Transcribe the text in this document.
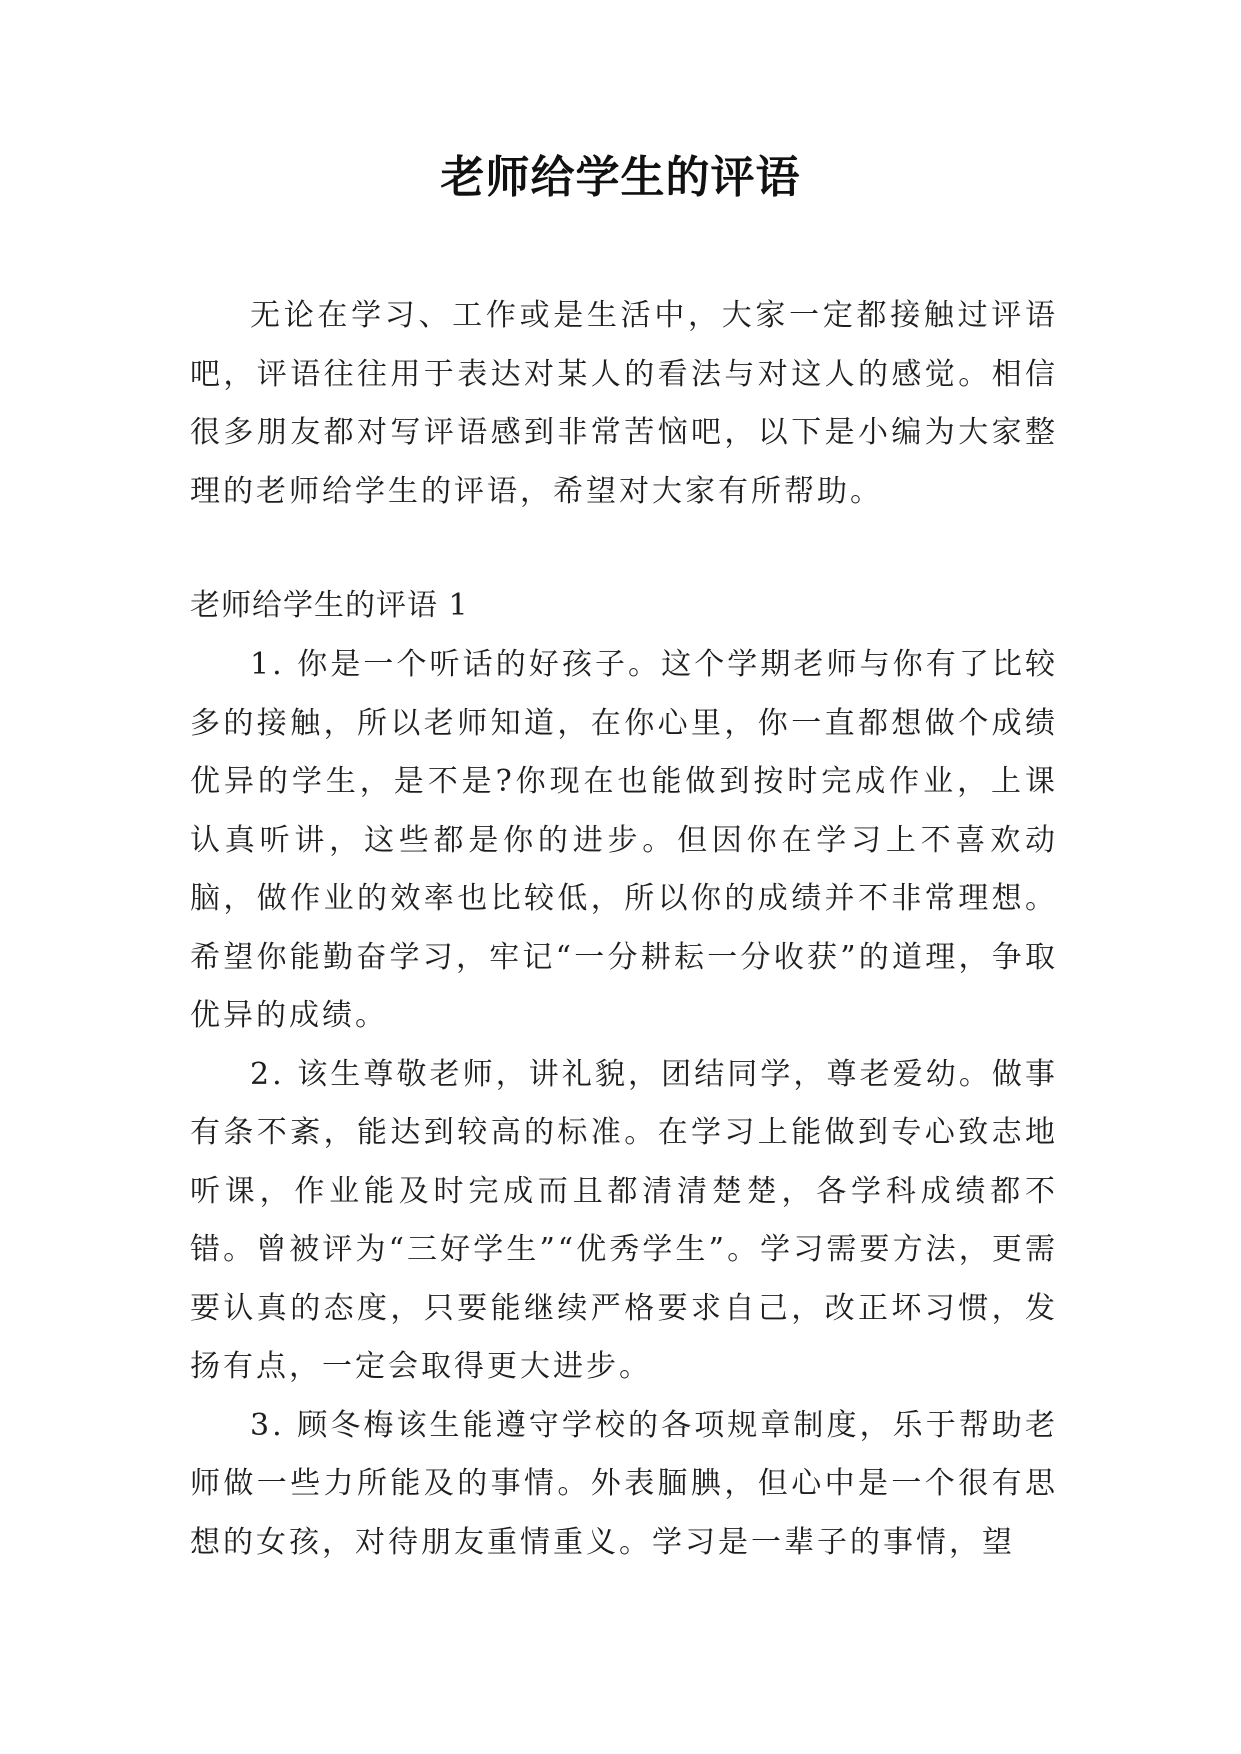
老师给学生的评语

无论在学习、工作或是生活中，大家一定都接触过评语吧，评语往往用于表达对某人的看法与对这人的感觉。相信很多朋友都对写评语感到非常苦恼吧，以下是小编为大家整理的老师给学生的评语，希望对大家有所帮助。

老师给学生的评语 1

1. 你是一个听话的好孩子。这个学期老师与你有了比较多的接触，所以老师知道，在你心里，你一直都想做个成绩优异的学生，是不是?你现在也能做到按时完成作业，上课认真听讲，这些都是你的进步。但因你在学习上不喜欢动脑，做作业的效率也比较低，所以你的成绩并不非常理想。希望你能勤奋学习，牢记“一分耕耘一分收获”的道理，争取优异的成绩。

2. 该生尊敬老师，讲礼貌，团结同学，尊老爱幼。做事有条不紊，能达到较高的标准。在学习上能做到专心致志地听课，作业能及时完成而且都清清楚楚，各学科成绩都不错。曾被评为“三好学生”“优秀学生”。学习需要方法，更需要认真的态度，只要能继续严格要求自己，改正坏习惯，发扬有点，一定会取得更大进步。

3. 顾冬梅该生能遵守学校的各项规章制度，乐于帮助老师做一些力所能及的事情。外表腼腆，但心中是一个很有思想的女孩，对待朋友重情重义。学习是一辈子的事情，望
